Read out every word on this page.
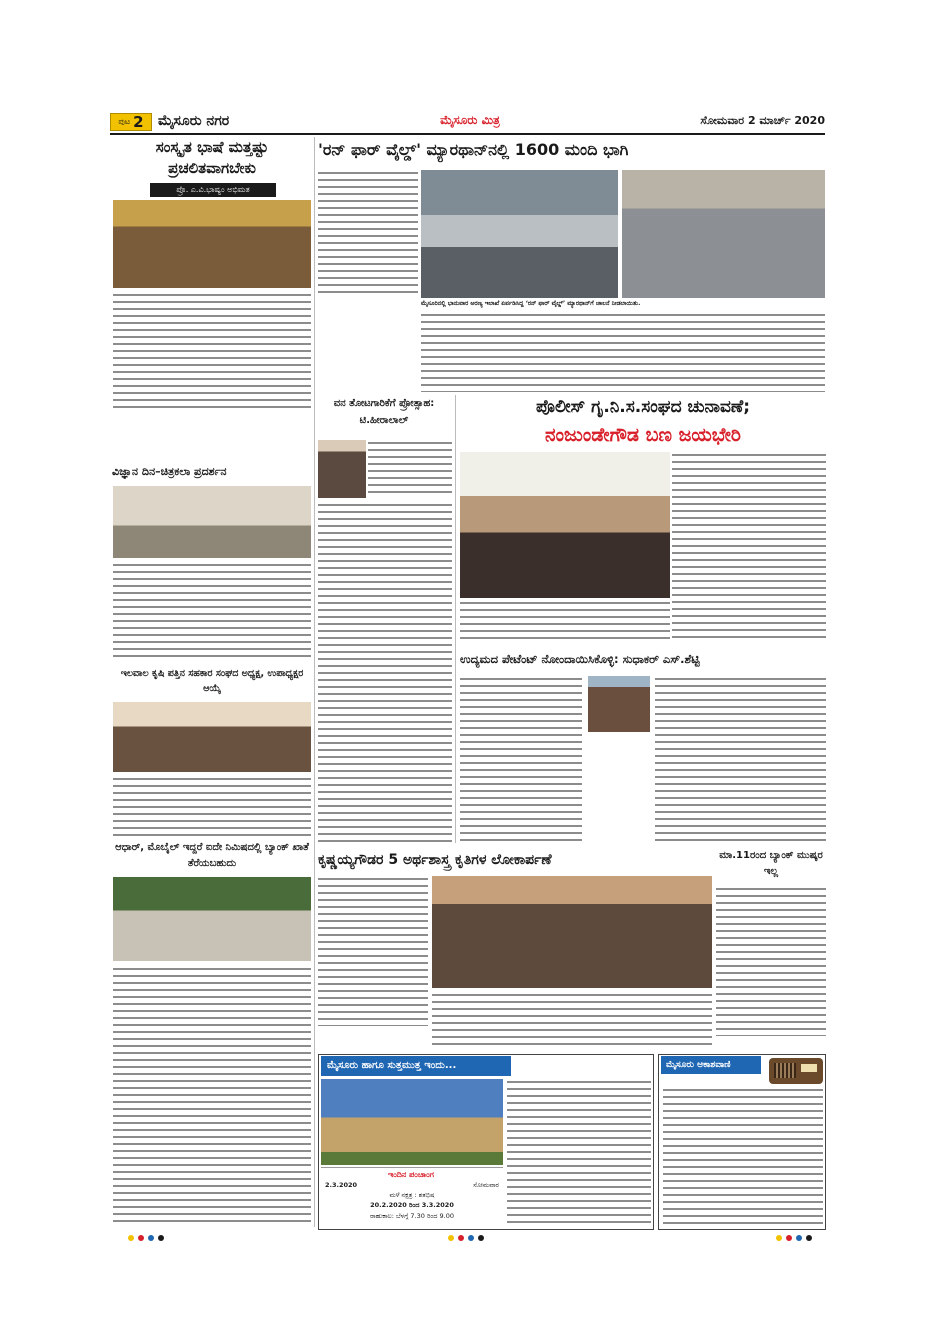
ಪುಟ 2 ಮೈಸೂರು ನಗರ	ಮೈಸೂರು ಮಿತ್ರ	ಸೋಮವಾರ 2 ಮಾರ್ಚ್ 2020
ಸಂಸ್ಕೃತ ಭಾಷೆ ಮತ್ತಷ್ಟು ಪ್ರಚಲಿತವಾಗಬೇಕು
ಪ್ರೊ. ಎ.ವಿ.ಭಾಷ್ಯಂ ಅಭಿಮತ
ವಿಜ್ಞಾನ ದಿನ–ಚಿತ್ರಕಲಾ ಪ್ರದರ್ಶನ
ಇಲವಾಲ ಕೃಷಿ ಪತ್ತಿನ ಸಹಕಾರ ಸಂಘದ ಅಧ್ಯಕ್ಷ, ಉಪಾಧ್ಯಕ್ಷರ ಆಯ್ಕೆ
ಆಧಾರ್, ಮೊಬೈಲ್ ಇದ್ದರೆ ಐದೇ ನಿಮಿಷದಲ್ಲಿ ಬ್ಯಾಂಕ್ ಖಾತೆ ತೆರೆಯಬಹುದು
'ರನ್ ಫಾರ್ ವೈಲ್ಡ್' ಮ್ಯಾರಥಾನ್‌ನಲ್ಲಿ 1600 ಮಂದಿ ಭಾಗಿ
ಮೈಸೂರಿನಲ್ಲಿ ಭಾನುವಾರ ಅರಣ್ಯ ಇಲಾಖೆ ಏರ್ಪಡಿಸಿದ್ದ ‘ರನ್ ಫಾರ್ ವೈಲ್ಡ್’ ಮ್ಯಾರಥಾನ್‌ಗೆ ಚಾಲನೆ ನೀಡಲಾಯಿತು.
ವನ ತೋಟಗಾರಿಕೆಗೆ ಪ್ರೋತ್ಸಾಹ: ಟಿ.ಹೀರಾಲಾಲ್
ಪೊಲೀಸ್ ಗೃ.ನಿ.ಸ.ಸಂಘದ ಚುನಾವಣೆ;
ನಂಜುಂಡೇಗೌಡ ಬಣ ಜಯಭೇರಿ
ಉದ್ಯಮದ ಪೇಟೆಂಟ್ ನೋಂದಾಯಿಸಿಕೊಳ್ಳಿ: ಸುಧಾಕರ್ ಎಸ್.ಶೆಟ್ಟಿ
ಕೃಷ್ಣಯ್ಯಗೌಡರ 5 ಅರ್ಥಶಾಸ್ತ್ರ ಕೃತಿಗಳ ಲೋಕಾರ್ಪಣೆ	ಮಾ.11ರಂದ ಬ್ಯಾಂಕ್ ಮುಷ್ಕರ ಇಲ್ಲ
ಮೈಸೂರು ಹಾಗೂ ಸುತ್ತಮುತ್ತ ಇಂದು...
ಇಂದಿನ ಪಂಚಾಂಗ
2.3.2020	ಸೋಮವಾರ
ಮಳೆ ನಕ್ಷತ್ರ : ಶತಭಿಷ
20.2.2020 ರಿಂದ 3.3.2020
ರಾಹುಕಾಲ: ಬೆಳಗ್ಗೆ 7.30 ರಿಂದ 9.00
ಮೈಸೂರು ಆಕಾಶವಾಣಿ
